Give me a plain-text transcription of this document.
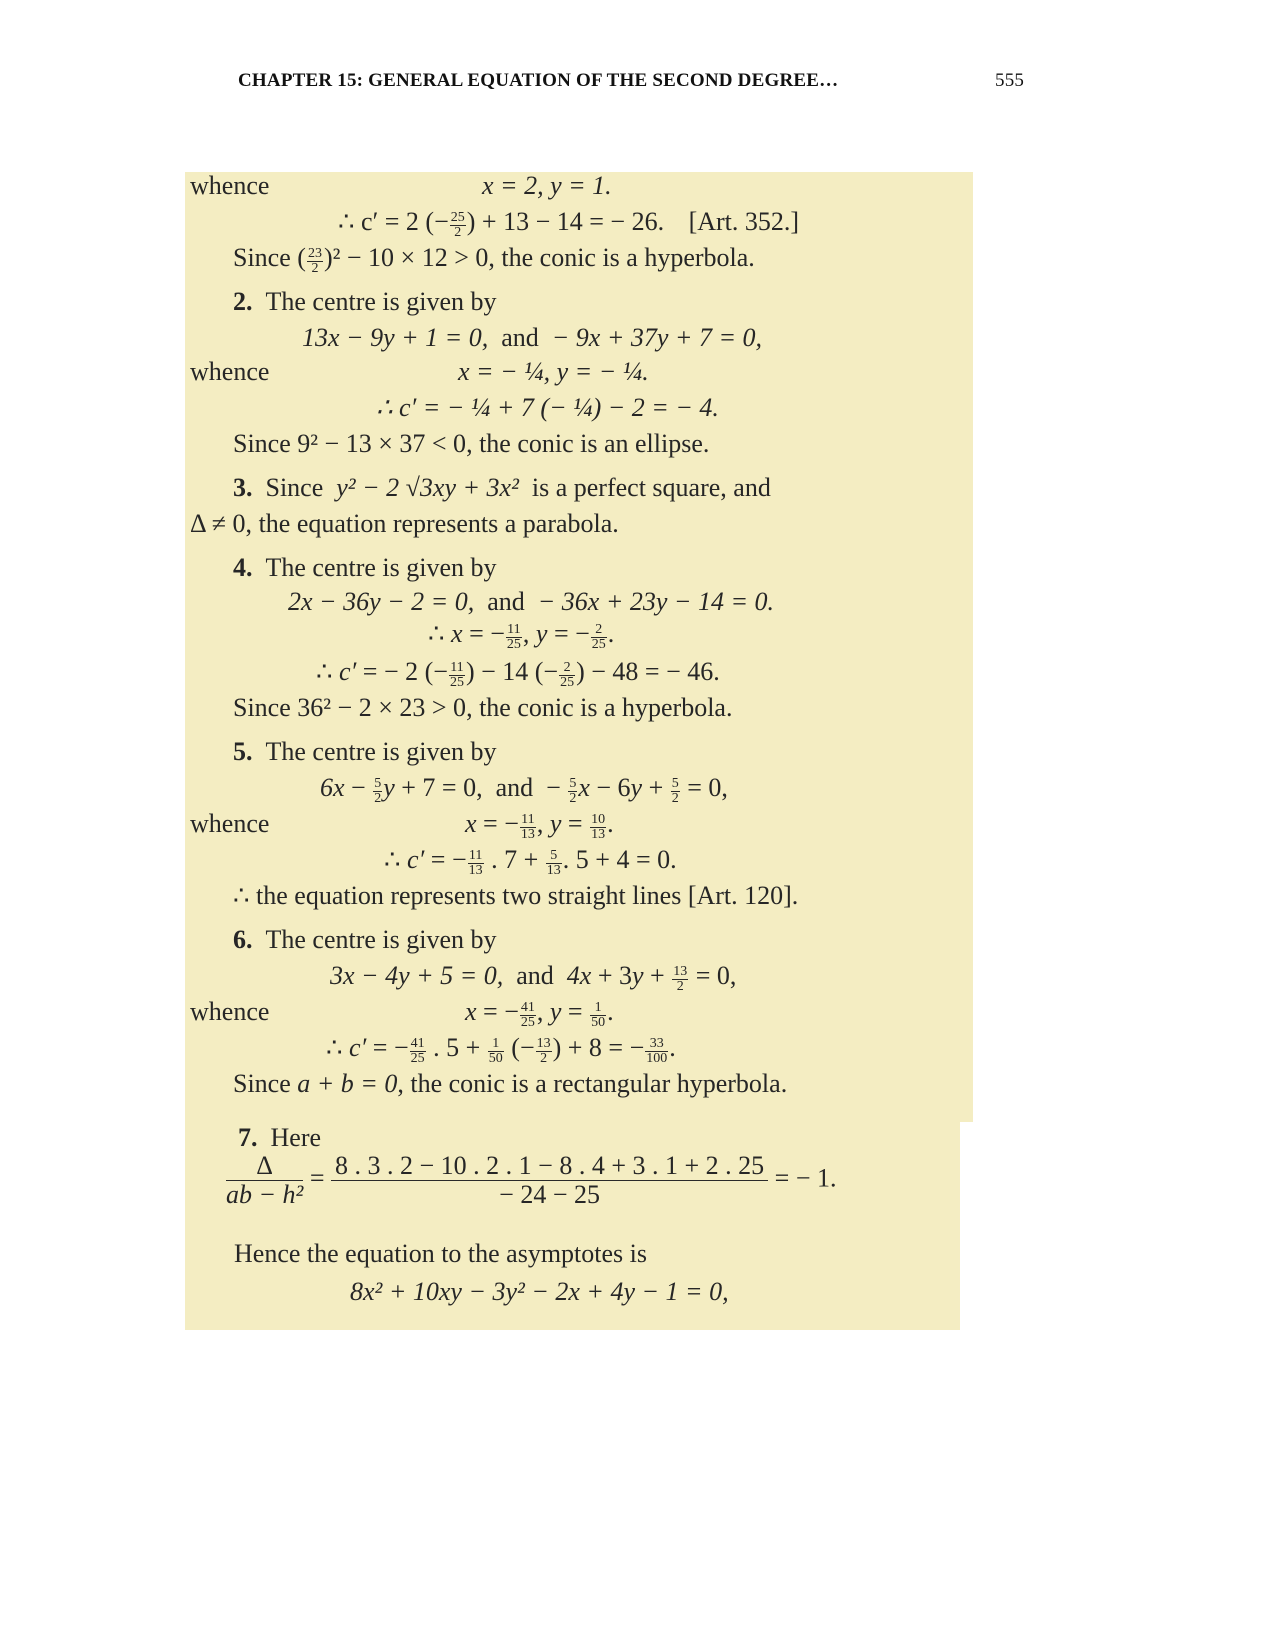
CHAPTER 15: GENERAL EQUATION OF THE SECOND DEGREE…	555
whence	x = 2, y = 1.
∴ c′ = 2 (− $\frac{25}{2}$ ) + 13 − 14 = − 26. [Art. 352.]
Since ( $\frac{23}{2} )^2 - 10 \times 12 > 0$, the conic is a hyperbola.
2. The centre is given by
13x − 9y + 1 = 0, and − 9x + 37y + 7 = 0,
whence	x = − ¼, y = − ¼.
∴ c′ = − ¼ + 7 (− ¼) − 2 = − 4.
Since 9² − 13 × 37 < 0, the conic is an ellipse.
3. Since y² − 2 √3xy + 3x² is a perfect square, and
Δ ≠ 0, the equation represents a parabola.
4. The centre is given by
2x − 36y − 2 = 0, and − 36x + 23y − 14 = 0.
∴ x = − $\frac{11}{25}$ , y = − $\frac{2}{25}$ .
∴ c′ = − 2 (− $\frac{11}{25}$ ) − 14 (− $\frac{2}{25}$ ) − 48 = − 46.
Since 36² − 2 × 23 > 0, the conic is a hyperbola.
5. The centre is given by
$6x - \frac{5}{2}$ y + 7 = 0,  and  − $\frac{5}{2}$ $x - 6y + \frac{5}{2} = 0$,
whence	x = − $\frac{11}{13}$ , $y = \frac{10}{13}$ .
∴ c′ = − $\frac{11}{13}$ . $7 + \frac{5}{13}$ . 5 + 4 = 0.
∴ the equation represents two straight lines [Art. 120].
6. The centre is given by
3x − 4y + 5 = 0, and $4x + 3y + \frac{13}{2} = 0$,
whence	x = − $\frac{41}{25}$ , $y = \frac{1}{50}$ .
∴ c′ = − $\frac{41}{25}$ . $5 + \frac{1}{50}$ (− $\frac{13}{2}$ ) + 8 = − $\frac{33}{100}$ .
Since a + b = 0, the conic is a rectangular hyperbola.
7. Here
$\frac{\Delta}{\text{ab − h²}} = \frac{8 . 3 . 2 - 10 . 2 . 1 - 8 . 4 + 3 . 1 + 2 . 25}{- 24 - 25}$ = − 1.
Hence the equation to the asymptotes is
8x² + 10xy − 3y² − 2x + 4y − 1 = 0,
